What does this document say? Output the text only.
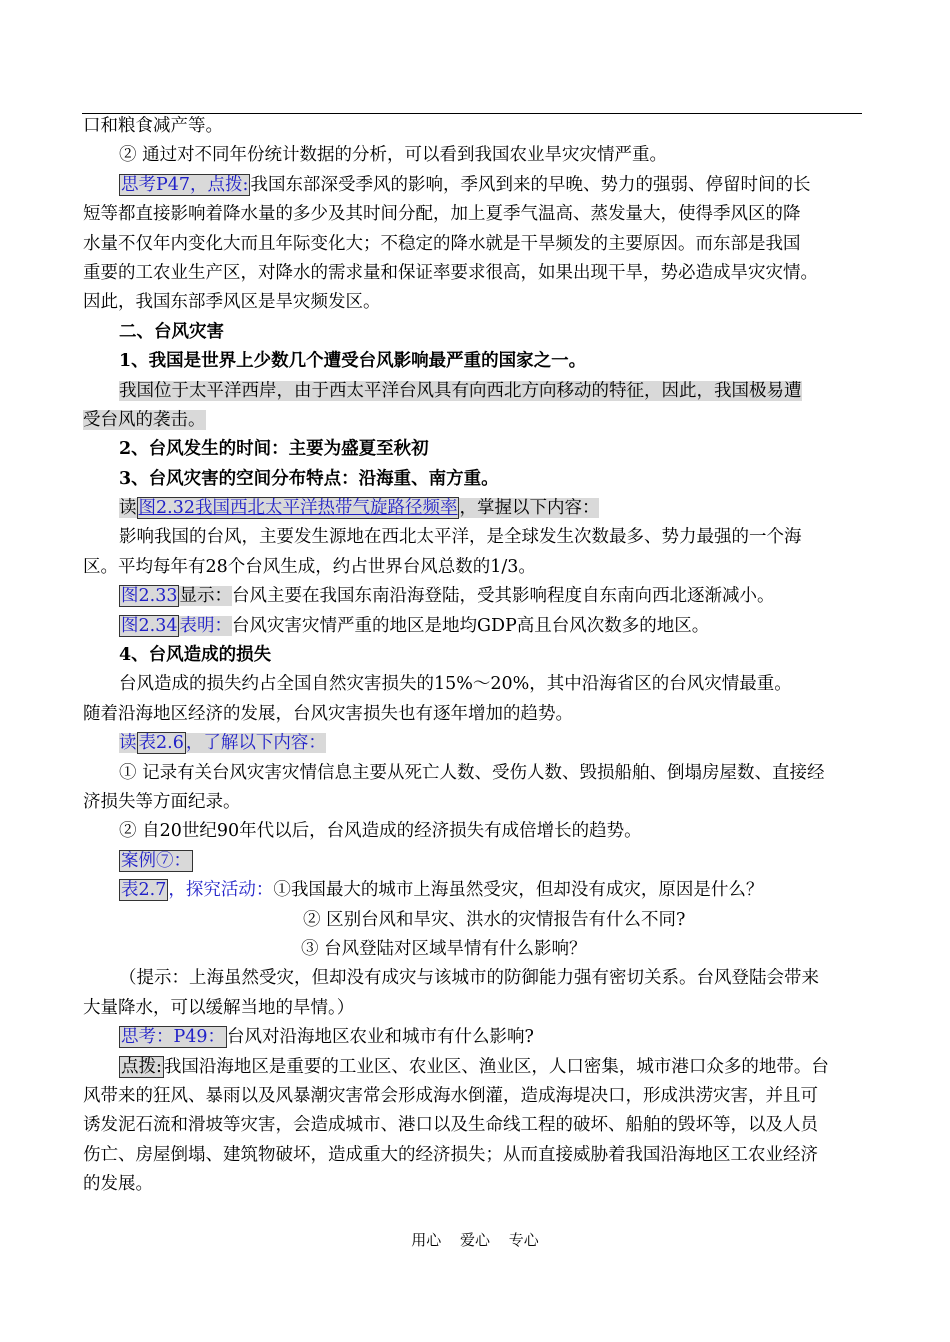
口和粮食减产等。
② 通过对不同年份统计数据的分析，可以看到我国农业旱灾灾情严重。
思考P47，点拨: 我国东部深受季风的影响，季风到来的早晚、势力的强弱、停留时间的长
短等都直接影响着降水量的多少及其时间分配，加上夏季气温高、蒸发量大，使得季风区的降
水量不仅年内变化大而且年际变化大；不稳定的降水就是干旱频发的主要原因。而东部是我国
重要的工农业生产区，对降水的需求量和保证率要求很高，如果出现干旱，势必造成旱灾灾情。
因此，我国东部季风区是旱灾频发区。
二、台风灾害
1、我国是世界上少数几个遭受台风影响最严重的国家之一。
我国位于太平洋西岸，由于西太平洋台风具有向西北方向移动的特征，因此，我国极易遭
受台风的袭击。
2、台风发生的时间：主要为盛夏至秋初
3、台风灾害的空间分布特点：沿海重、南方重。
读 图2.32我国西北太平洋热带气旋路径频率 ，掌握以下内容：
影响我国的台风，主要发生源地在西北太平洋，是全球发生次数最多、势力最强的一个海
区。平均每年有28个台风生成，约占世界台风总数的1/3。
图2.33 显示：台风主要在我国东南沿海登陆，受其影响程度自东南向西北逐渐减小。
图2.34 表明：台风灾害灾情严重的地区是地均GDP高且台风次数多的地区。
4、台风造成的损失
台风造成的损失约占全国自然灾害损失的15%～20%，其中沿海省区的台风灾情最重。
随着沿海地区经济的发展，台风灾害损失也有逐年增加的趋势。
读 表2.6 ，了解以下内容：
① 记录有关台风灾害灾情信息主要从死亡人数、受伤人数、毁损船舶、倒塌房屋数、直接经
济损失等方面纪录。
② 自20世纪90年代以后，台风造成的经济损失有成倍增长的趋势。
案例⑦：
表2.7 ，探究活动：①我国最大的城市上海虽然受灾，但却没有成灾，原因是什么？
② 区别台风和旱灾、洪水的灾情报告有什么不同?
③ 台风登陆对区域旱情有什么影响？
（提示：上海虽然受灾，但却没有成灾与该城市的防御能力强有密切关系。台风登陆会带来
大量降水，可以缓解当地的旱情。）
思考：P49： 台风对沿海地区农业和城市有什么影响?
点拨: 我国沿海地区是重要的工业区、农业区、渔业区，人口密集，城市港口众多的地带。台
风带来的狂风、暴雨以及风暴潮灾害常会形成海水倒灌，造成海堤决口，形成洪涝灾害，并且可
诱发泥石流和滑坡等灾害，会造成城市、港口以及生命线工程的破坏、船舶的毁坏等，以及人员
伤亡、房屋倒塌、建筑物破坏，造成重大的经济损失；从而直接威胁着我国沿海地区工农业经济
的发展。
用心 爱心 专心
